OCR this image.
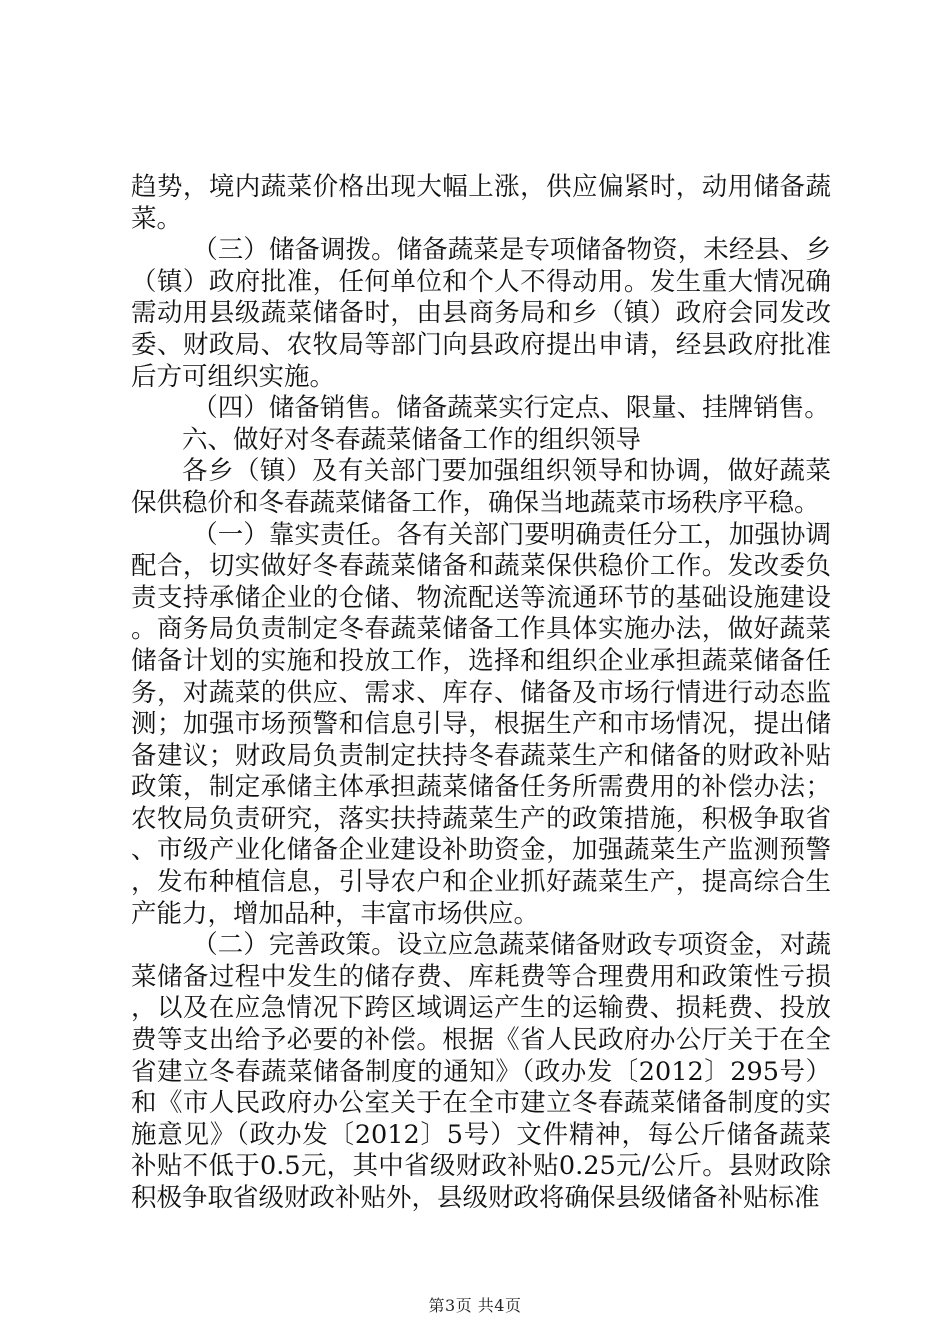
趋势，境内蔬菜价格出现大幅上涨，供应偏紧时，动用储备蔬菜。

（三）储备调拨。储备蔬菜是专项储备物资，未经县、乡（镇）政府批准，任何单位和个人不得动用。发生重大情况确需动用县级蔬菜储备时，由县商务局和乡（镇）政府会同发改委、财政局、农牧局等部门向县政府提出申请，经县政府批准后方可组织实施。

（四）储备销售。储备蔬菜实行定点、限量、挂牌销售。

六、做好对冬春蔬菜储备工作的组织领导

各乡（镇）及有关部门要加强组织领导和协调，做好蔬菜保供稳价和冬春蔬菜储备工作，确保当地蔬菜市场秩序平稳。

（一）靠实责任。各有关部门要明确责任分工，加强协调配合，切实做好冬春蔬菜储备和蔬菜保供稳价工作。发改委负责支持承储企业的仓储、物流配送等流通环节的基础设施建设。商务局负责制定冬春蔬菜储备工作具体实施办法，做好蔬菜储备计划的实施和投放工作，选择和组织企业承担蔬菜储备任务，对蔬菜的供应、需求、库存、储备及市场行情进行动态监测；加强市场预警和信息引导，根据生产和市场情况，提出储备建议；财政局负责制定扶持冬春蔬菜生产和储备的财政补贴政策，制定承储主体承担蔬菜储备任务所需费用的补偿办法；农牧局负责研究，落实扶持蔬菜生产的政策措施，积极争取省、市级产业化储备企业建设补助资金，加强蔬菜生产监测预警，发布种植信息，引导农户和企业抓好蔬菜生产，提高综合生产能力，增加品种，丰富市场供应。

（二）完善政策。设立应急蔬菜储备财政专项资金，对蔬菜储备过程中发生的储存费、库耗费等合理费用和政策性亏损，以及在应急情况下跨区域调运产生的运输费、损耗费、投放费等支出给予必要的补偿。根据《省人民政府办公厅关于在全省建立冬春蔬菜储备制度的通知》（政办发〔2012〕295号）和《市人民政府办公室关于在全市建立冬春蔬菜储备制度的实施意见》（政办发〔2012〕5号）文件精神，每公斤储备蔬菜补贴不低于0.5元，其中省级财政补贴0.25元/公斤。县财政除积极争取省级财政补贴外，县级财政将确保县级储备补贴标准

第3页 共4页
